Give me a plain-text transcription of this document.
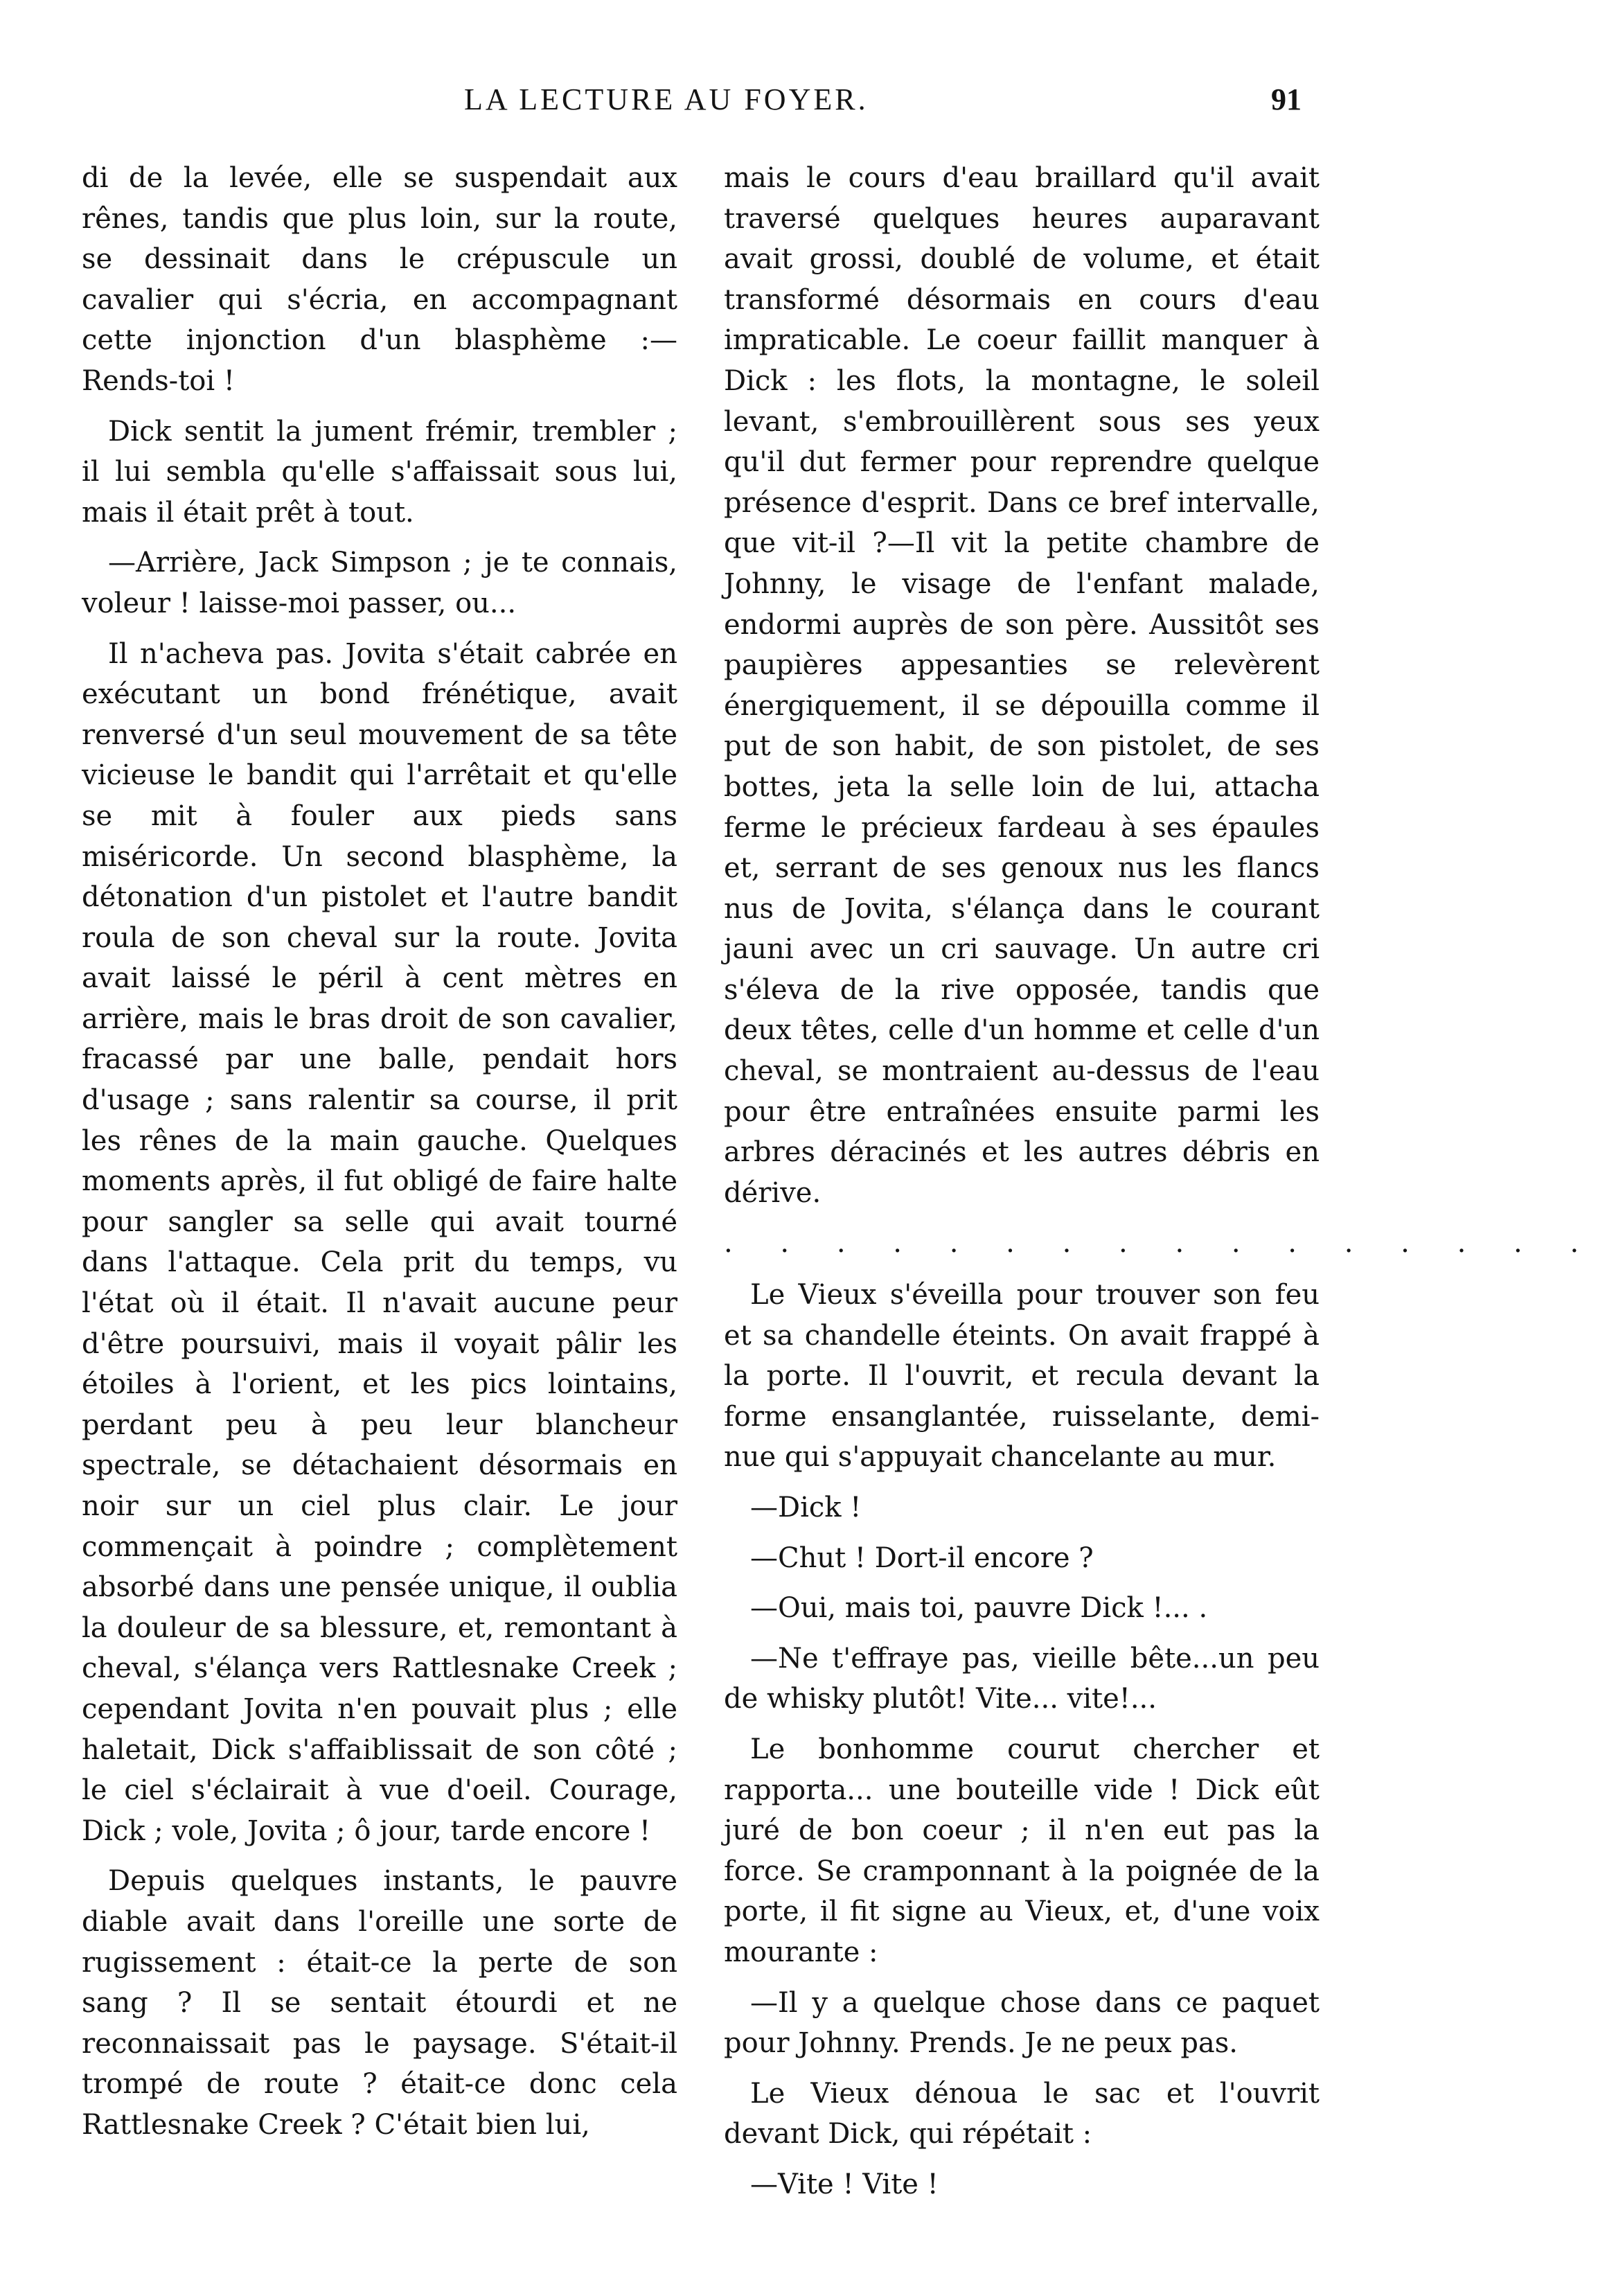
LA LECTURE AU FOYER.	91

di de la levée, elle se suspendait aux rênes, tandis que plus loin, sur la route, se dessinait dans le crépuscule un cavalier qui s'écria, en accompagnant cette injonction d'un blasphème :— Rends-toi !

Dick sentit la jument frémir, trembler ; il lui sembla qu'elle s'affaissait sous lui, mais il était prêt à tout.

—Arrière, Jack Simpson ; je te connais, voleur ! laisse-moi passer, ou...

Il n'acheva pas. Jovita s'était cabrée en exécutant un bond frénétique, avait renversé d'un seul mouvement de sa tête vicieuse le bandit qui l'arrêtait et qu'elle se mit à fouler aux pieds sans miséricorde. Un second blasphème, la détonation d'un pistolet et l'autre bandit roula de son cheval sur la route. Jovita avait laissé le péril à cent mètres en arrière, mais le bras droit de son cavalier, fracassé par une balle, pendait hors d'usage ; sans ralentir sa course, il prit les rênes de la main gauche. Quelques moments après, il fut obligé de faire halte pour sangler sa selle qui avait tourné dans l'attaque. Cela prit du temps, vu l'état où il était. Il n'avait aucune peur d'être poursuivi, mais il voyait pâlir les étoiles à l'orient, et les pics lointains, perdant peu à peu leur blancheur spectrale, se détachaient désormais en noir sur un ciel plus clair. Le jour commençait à poindre ; complètement absorbé dans une pensée unique, il oublia la douleur de sa blessure, et, remontant à cheval, s'élança vers Rattlesnake Creek ; cependant Jovita n'en pouvait plus ; elle haletait, Dick s'affaiblissait de son côté ; le ciel s'éclairait à vue d'oeil. Courage, Dick ; vole, Jovita ; ô jour, tarde encore !

Depuis quelques instants, le pauvre diable avait dans l'oreille une sorte de rugissement : était-ce la perte de son sang ? Il se sentait étourdi et ne reconnaissait pas le paysage. S'était-il trompé de route ? était-ce donc cela Rattlesnake Creek ? C'était bien lui,

mais le cours d'eau braillard qu'il avait traversé quelques heures auparavant avait grossi, doublé de volume, et était transformé désormais en cours d'eau impraticable. Le coeur faillit manquer à Dick : les flots, la montagne, le soleil levant, s'embrouillèrent sous ses yeux qu'il dut fermer pour reprendre quelque présence d'esprit. Dans ce bref intervalle, que vit-il ?—Il vit la petite chambre de Johnny, le visage de l'enfant malade, endormi auprès de son père. Aussitôt ses paupières appesanties se relevèrent énergiquement, il se dépouilla comme il put de son habit, de son pistolet, de ses bottes, jeta la selle loin de lui, attacha ferme le précieux fardeau à ses épaules et, serrant de ses genoux nus les flancs nus de Jovita, s'élança dans le courant jauni avec un cri sauvage. Un autre cri s'éleva de la rive opposée, tandis que deux têtes, celle d'un homme et celle d'un cheval, se montraient au-dessus de l'eau pour être entraînées ensuite parmi les arbres déracinés et les autres débris en dérive.

. . . . . . . . . . . . . . . .

Le Vieux s'éveilla pour trouver son feu et sa chandelle éteints. On avait frappé à la porte. Il l'ouvrit, et recula devant la forme ensanglantée, ruisselante, demi-nue qui s'appuyait chancelante au mur.

—Dick !

—Chut ! Dort-il encore ?

—Oui, mais toi, pauvre Dick !... .

—Ne t'effraye pas, vieille bête...un peu de whisky plutôt! Vite... vite!...

Le bonhomme courut chercher et rapporta... une bouteille vide ! Dick eût juré de bon coeur ; il n'en eut pas la force. Se cramponnant à la poignée de la porte, il fit signe au Vieux, et, d'une voix mourante :

—Il y a quelque chose dans ce paquet pour Johnny. Prends. Je ne peux pas.

Le Vieux dénoua le sac et l'ouvrit devant Dick, qui répétait :

—Vite ! Vite !
